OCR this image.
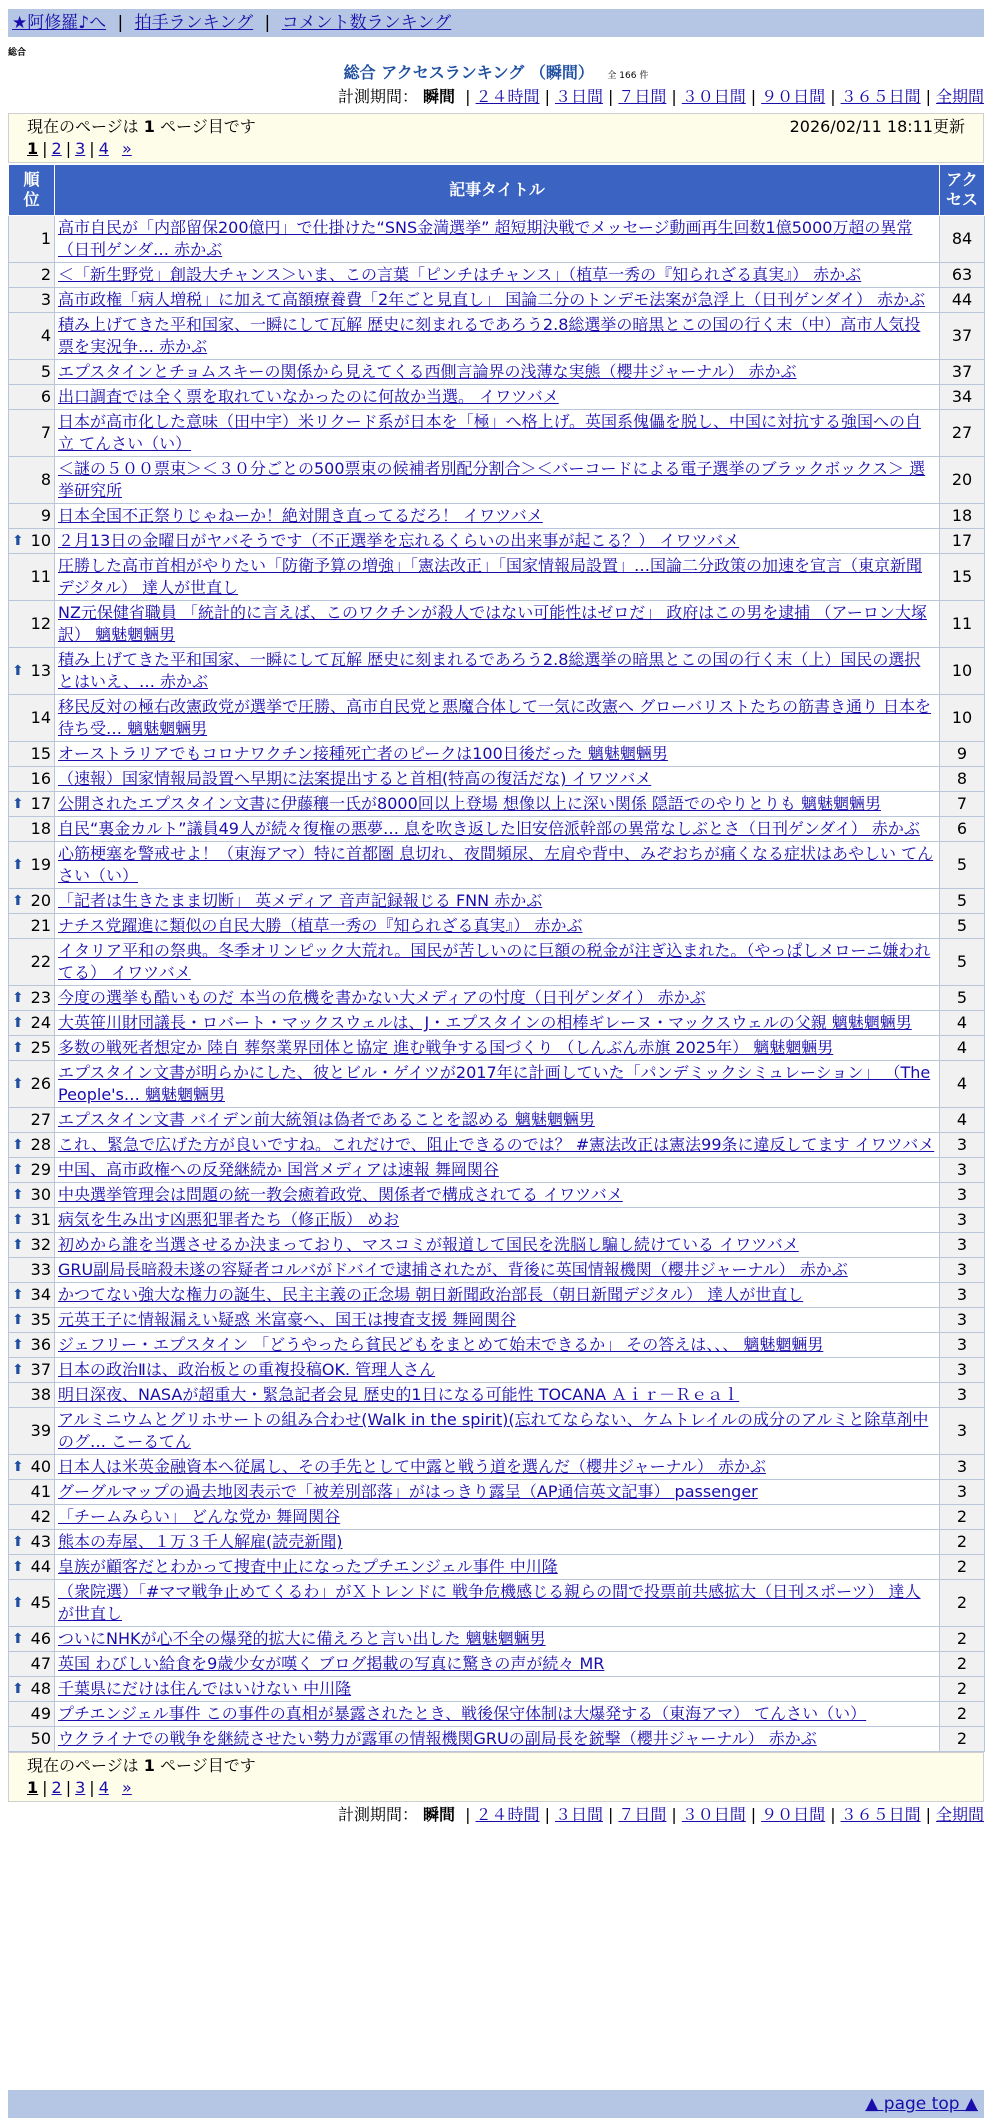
★阿修羅♪へ | 拍手ランキング | コメント数ランキング
総合
総合 アクセスランキング （瞬間） 全 166 件
計測期間： 瞬間 | ２４時間 | ３日間 | ７日間 | ３０日間 | ９０日間 | ３６５日間 | 全期間
現在のページは 1 ページ目です	2026/02/11 18:11更新
1 | 2 | 3 | 4 »
順位	記事タイトル	アクセス
1	高市自民が「内部留保200億円」で仕掛けた“SNS金満選挙” 超短期決戦でメッセージ動画再生回数1億5000万超の異常（日刊ゲンダ… 赤かぶ	84
2	＜「新生野党」創設大チャンス＞いま、この言葉「ピンチはチャンス」（植草一秀の『知られざる真実』） 赤かぶ	63
3	高市政権「病人増税」に加えて高額療養費「2年ごと見直し」 国論二分のトンデモ法案が急浮上（日刊ゲンダイ） 赤かぶ	44
4	積み上げてきた平和国家、一瞬にして瓦解 歴史に刻まれるであろう2.8総選挙の暗黒とこの国の行く末（中）高市人気投票を実況争… 赤かぶ	37
5	エプスタインとチョムスキーの関係から見えてくる西側言論界の浅薄な実態（櫻井ジャーナル） 赤かぶ	37
6	出口調査では全く票を取れていなかったのに何故か当選。 イワツバメ	34
7	日本が高市化した意味（田中宇）米リクード系が日本を「極」へ格上げ。英国系傀儡を脱し、中国に対抗する強国への自立 てんさい（い）	27
8	＜謎の５００票束＞＜３０分ごとの500票束の候補者別配分割合＞＜バーコードによる電子選挙のブラックボックス＞ 選挙研究所	20
9	日本全国不正祭りじゃねーか！絶対開き直ってるだろ！ イワツバメ	18

⬆ 10	２月13日の金曜日がヤバそうです（不正選挙を忘れるくらいの出来事が起こる？） イワツバメ	17
11	圧勝した高市首相がやりたい「防衛予算の増強」「憲法改正」「国家情報局設置」…国論二分政策の加速を宣言（東京新聞デジタル） 達人が世直し	15
12	NZ元保健省職員 「統計的に言えば、このワクチンが殺人ではない可能性はゼロだ」 政府はこの男を逮捕 （アーロン大塚訳） 魑魅魍魎男	11

⬆ 13	積み上げてきた平和国家、一瞬にして瓦解 歴史に刻まれるであろう2.8総選挙の暗黒とこの国の行く末（上）国民の選択とはいえ、… 赤かぶ	10
14	移民反対の極右改憲政党が選挙で圧勝、高市自民党と悪魔合体して一気に改憲へ グローバリストたちの筋書き通り 日本を待ち受… 魑魅魍魎男	10
15	オーストラリアでもコロナワクチン接種死亡者のピークは100日後だった 魑魅魍魎男	9
16	（速報）国家情報局設置へ早期に法案提出すると首相(特高の復活だな) イワツバメ	8

⬆ 17	公開されたエプスタイン文書に伊藤穰一氏が8000回以上登場 想像以上に深い関係 隠語でのやりとりも 魑魅魍魎男	7
18	自民“裏金カルト”議員49人が続々復権の悪夢… 息を吹き返した旧安倍派幹部の異常なしぶとさ（日刊ゲンダイ） 赤かぶ	6

⬆ 19	心筋梗塞を警戒せよ！（東海アマ）特に首都圏 息切れ、夜間頻尿、左肩や背中、みぞおちが痛くなる症状はあやしい てんさい（い）	5

⬆ 20	「記者は生きたまま切断」 英メディア 音声記録報じる FNN 赤かぶ	5
21	ナチス党躍進に類似の自民大勝（植草一秀の『知られざる真実』） 赤かぶ	5
22	イタリア平和の祭典。冬季オリンピック大荒れ。国民が苦しいのに巨額の税金が注ぎ込まれた。（やっぱしメローニ嫌われてる） イワツバメ	5

⬆ 23	今度の選挙も酷いものだ 本当の危機を書かない大メディアの忖度（日刊ゲンダイ） 赤かぶ	5

⬆ 24	大英笹川財団議長・ロバート・マックスウェルは、J・エプスタインの相棒ギレーヌ・マックスウェルの父親 魑魅魍魎男	4

⬆ 25	多数の戦死者想定か 陸自 葬祭業界団体と協定 進む戦争する国づくり （しんぶん赤旗 2025年） 魑魅魍魎男	4

⬆ 26	エプスタイン文書が明らかにした、彼とビル・ゲイツが2017年に計画していた「パンデミックシミュレーション」 （The People's… 魑魅魍魎男	4
27	エプスタイン文書 バイデン前大統領は偽者であることを認める 魑魅魍魎男	4

⬆ 28	これ、緊急で広げた方が良いですね。これだけで、阻止できるのでは？ #憲法改正は憲法99条に違反してます イワツバメ	3

⬆ 29	中国、高市政権への反発継続か 国営メディアは速報 舞岡関谷	3

⬆ 30	中央選挙管理会は問題の統一教会癒着政党、関係者で構成されてる イワツバメ	3

⬆ 31	病気を生み出す凶悪犯罪者たち（修正版） めお	3

⬆ 32	初めから誰を当選させるか決まっており、マスコミが報道して国民を洗脳し騙し続けている イワツバメ	3
33	GRU副局長暗殺未遂の容疑者コルバがドバイで逮捕されたが、背後に英国情報機関（櫻井ジャーナル） 赤かぶ	3

⬆ 34	かつてない強大な権力の誕生、民主主義の正念場 朝日新聞政治部長（朝日新聞デジタル） 達人が世直し	3

⬆ 35	元英王子に情報漏えい疑惑 米富豪へ、国王は捜査支援 舞岡関谷	3

⬆ 36	ジェフリー・エプスタイン 「どうやったら貧民どもをまとめて始末できるか」 その答えは、、、 魑魅魍魎男	3

⬆ 37	日本の政治Ⅱは、政治板との重複投稿OK. 管理人さん	3
38	明日深夜、NASAが超重大・緊急記者会見 歴史的1日になる可能性 TOCANA Ａｉｒ－Ｒｅａｌ	3
39	アルミニウムとグリホサートの組み合わせ(Walk in the spirit)(忘れてならない、ケムトレイルの成分のアルミと除草剤中のグ… こーるてん	3

⬆ 40	日本人は米英金融資本へ従属し、その手先として中露と戦う道を選んだ（櫻井ジャーナル） 赤かぶ	3
41	グーグルマップの過去地図表示で「被差別部落」がはっきり露呈（AP通信英文記事） passenger	3
42	「チームみらい」 どんな党か 舞岡関谷	2

⬆ 43	熊本の寿屋、１万３千人解雇(読売新聞)	2

⬆ 44	皇族が顧客だとわかって捜査中止になったプチエンジェル事件 中川隆	2

⬆ 45	（衆院選）「#ママ戦争止めてくるわ」がＸトレンドに 戦争危機感じる親らの間で投票前共感拡大（日刊スポーツ） 達人が世直し	2

⬆ 46	ついにNHKが心不全の爆発的拡大に備えろと言い出した 魑魅魍魎男	2
47	英国 わびしい給食を9歳少女が嘆く ブログ掲載の写真に驚きの声が続々 MR	2

⬆ 48	千葉県にだけは住んではいけない 中川隆	2
49	プチエンジェル事件 この事件の真相が暴露されたとき、戦後保守体制は大爆発する（東海アマ） てんさい（い）	2
50	ウクライナでの戦争を継続させたい勢力が露軍の情報機関GRUの副局長を銃撃（櫻井ジャーナル） 赤かぶ	2
現在のページは 1 ページ目です
1 | 2 | 3 | 4 »
計測期間： 瞬間 | ２４時間 | ３日間 | ７日間 | ３０日間 | ９０日間 | ３６５日間 | 全期間
▲ page top ▲
